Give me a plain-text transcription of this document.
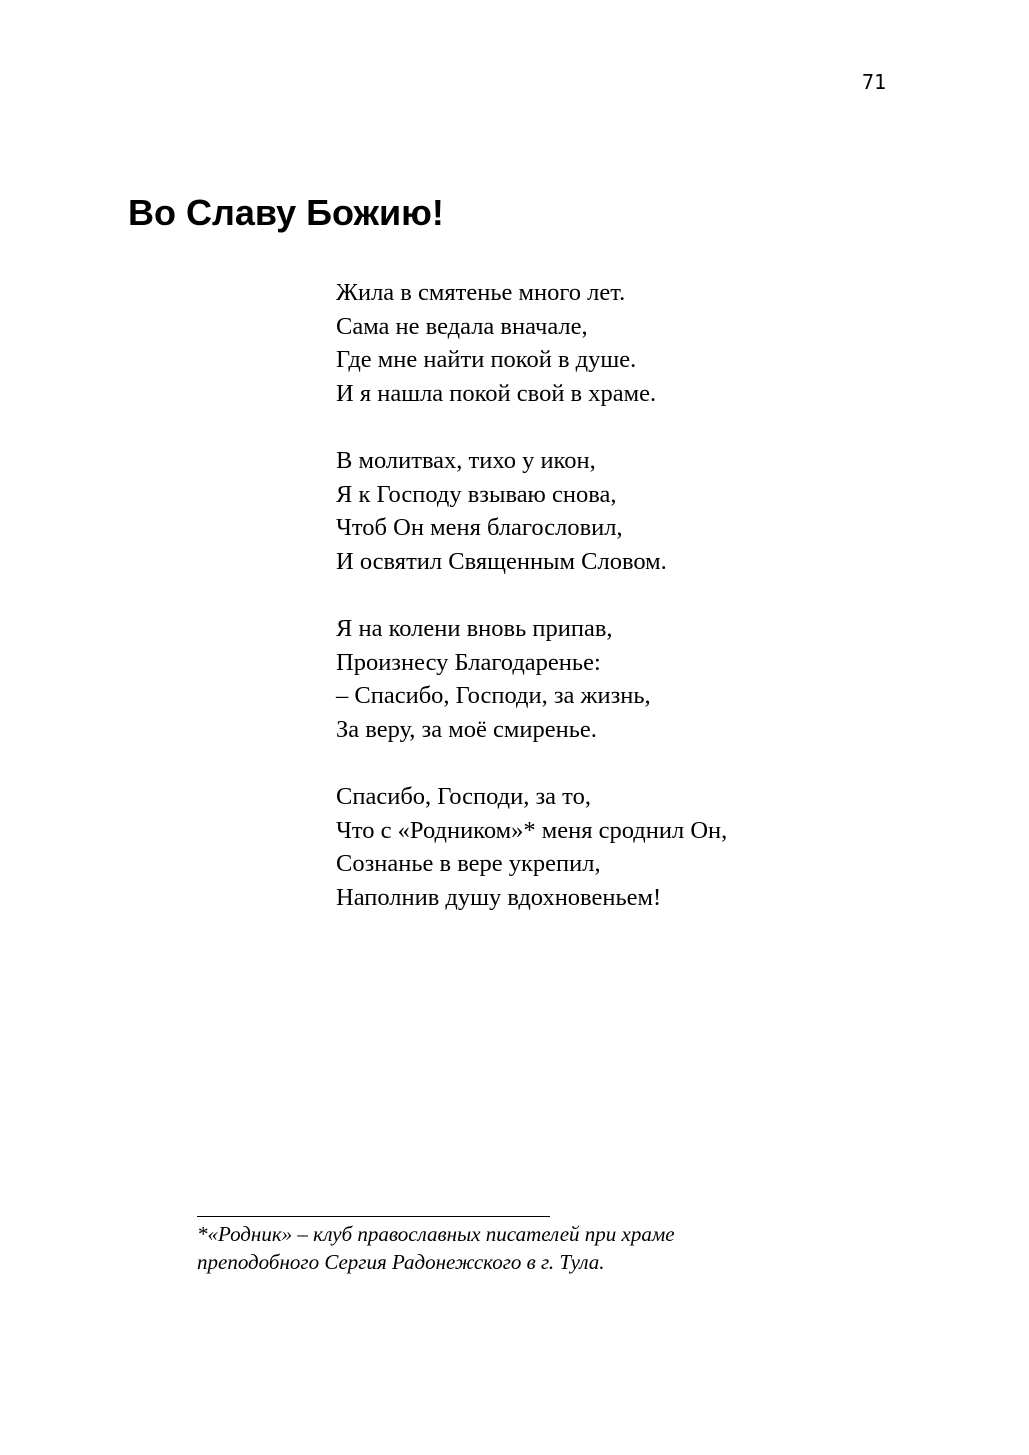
71
Во Славу Божию!
Жила в смятенье много лет.
Сама не ведала вначале,
Где мне найти покой в душе.
И я нашла покой свой в храме.
В молитвах, тихо у икон,
Я к Господу взываю снова,
Чтоб Он меня благословил,
И освятил Священным Словом.
Я на колени вновь припав,
Произнесу Благодаренье:
– Спасибо, Господи, за жизнь,
За веру, за моё смиренье.
Спасибо, Господи, за то,
Что с «Родником»* меня сроднил Он,
Сознанье в вере укрепил,
Наполнив душу вдохновеньем!
*«Родник» – клуб православных писателей при храме
преподобного Сергия Радонежского в г. Тула.
